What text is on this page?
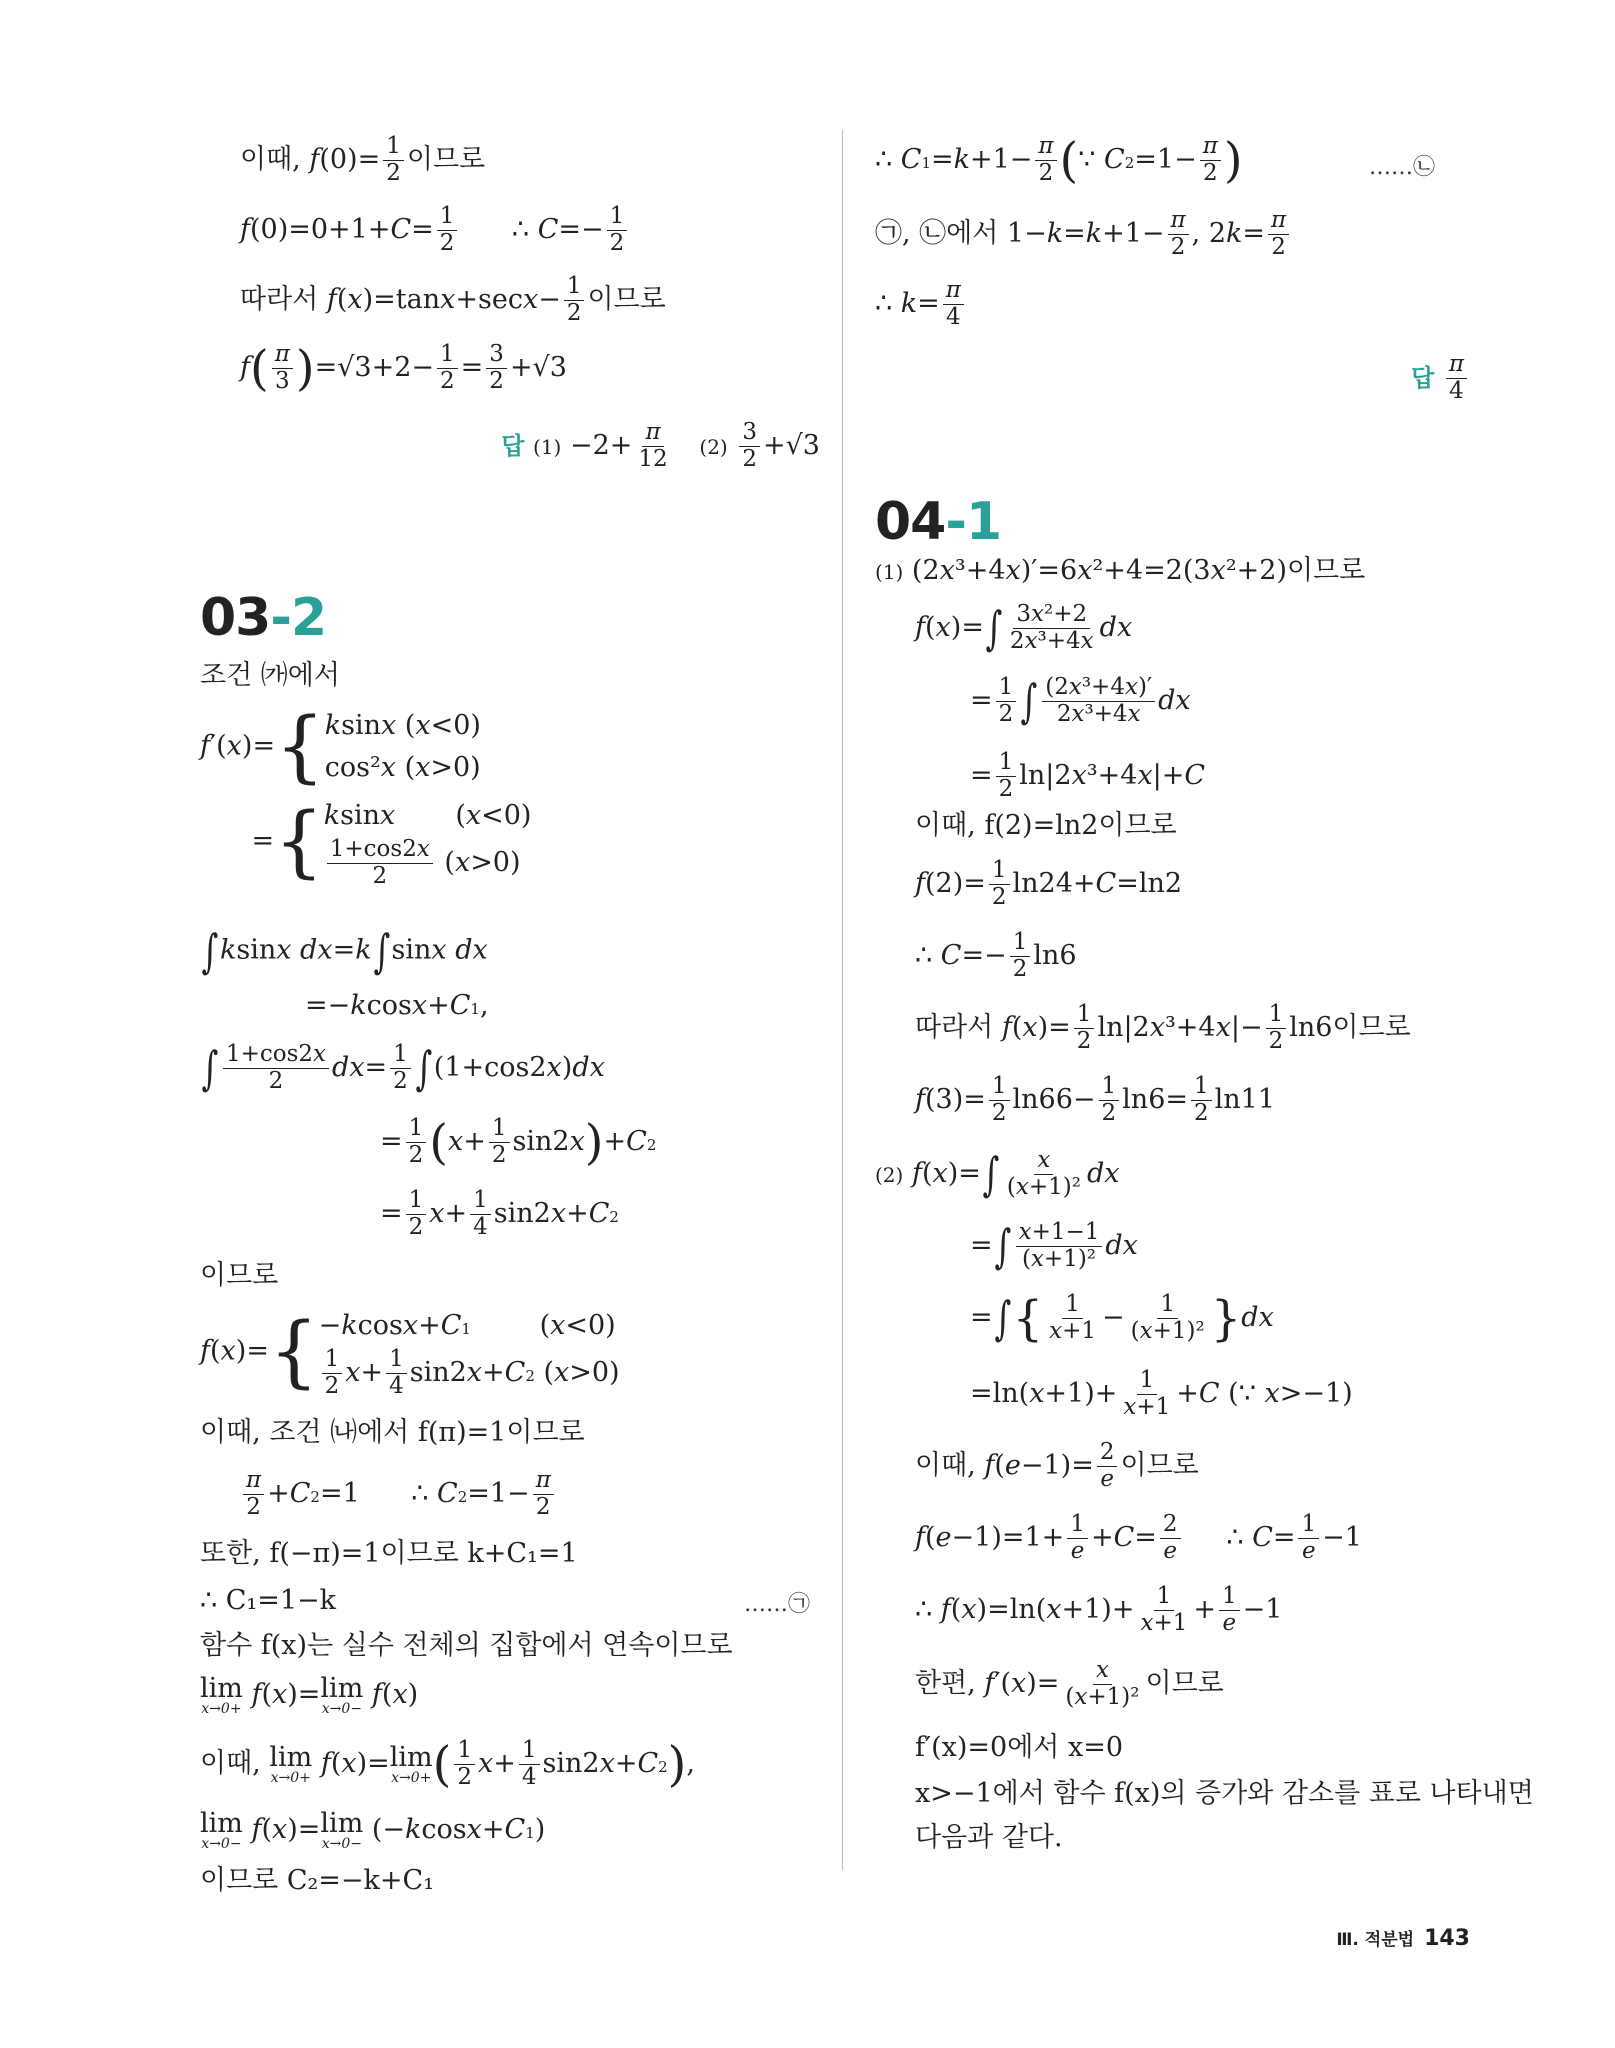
이때, $f(0)= \frac{1}{2}$ 이므로
$f(0)=0+1+C= \frac{1}{2}$ ∴ $C=- \frac{1}{2}$
따라서 $f(x)=\tan x+\sec x- \frac{1}{2}$ 이므로
$f( \frac{\pi}{3} )=√3+2- \frac{1}{2} = \frac{3}{2} +√3$
답 $(1) -2+ \frac{\pi}{12} (2) \frac{3}{2} +√3$
03-2
조건 ㈎에서
f′(x)={ ksinx (x<0)
cos²x (x>0)
={ ksinx       (x<0)
$\frac{1+\cos 2x}{2} (x>0)$
∫ksinx dx=k∫sinx dx
=−kcosx+C1,
∫ $\frac{1+\cos 2x}{2} dx= \frac{1}{2} \int(1+\cos 2x)dx$
= $\frac{1}{2} (x+ \frac{1}{2} \sin 2x)+C2$
= $\frac{1}{2} x+ \frac{1}{4} \sin 2x+C2$
이므로
f(x)={ −kcosx+C1        (x<0)
$\frac{1}{2} x+ \frac{1}{4} \sin 2x+C2$ (x>0)
이때, 조건 ㈏에서 f(π)=1이므로
$\frac{\pi}{2} +C2=1$      ∴ $C2=1- \frac{\pi}{2}$
또한, f(−π)=1이므로 k+C₁=1
∴ C₁=1−k	……㉠
함수 f(x)는 실수 전체의 집합에서 연속이므로
lim
x→0+ f(x)= lim
x→0− f(x)
이때, lim
x→0+ f(x)= lim
x→0+ ( $\frac{1}{2} x+ \frac{1}{4} \sin 2x+C2$),
lim
x→0− f(x)= lim
x→0− (−kcosx+C1)
이므로 C₂=−k+C₁
∴ $C1=k+1- \frac{\pi}{2}$ (∵ $C2=1- \frac{\pi}{2}$ )	……㉡
㉠, ㉡에서 $1-k=k+1- \frac{\pi}{2}$ , $2k= \frac{\pi}{2}$
∴ $k= \frac{\pi}{4}$
답 $\frac{\pi}{4}$
04-1
(1) (2x³+4x)′=6x²+4=2(3x²+2)이므로
$f(x)=\int \frac{\text{3x²+2}}{\text{2x³+4x}}$ dx
= $\frac{1}{2}$ ∫ $\frac{\text{(2x³+4x)′}}{\text{2x³+4x}}$ dx
= $\frac{1}{2} \ln|2x^3+4x|+C$
이때, f(2)=ln2이므로
$f(2)= \frac{1}{2} \ln 24+C=\ln 2$
∴ $C=- \frac{1}{2} \ln 6$
따라서 $f(x)= \frac{1}{2} \ln|2x^3+4x|- \frac{1}{2} \ln 6$이므로
$f(3)= \frac{1}{2} \ln 66- \frac{1}{2} \ln 6= \frac{1}{2} \ln 11$
(2) $f(x)=\int \frac{x}{\text{(x+1)²}}$ dx
=∫ $\frac{x+1-1}{\text{(x+1)²}}$ dx
=∫{ $\frac{1}{x+1} - \frac{1}{\text{(x+1)²}} \}dx$
$=\ln(x+1)+ \frac{1}{x+1} +C$ (∵ x>−1)
이때, $f(e-1)= \frac{2}{e}$ 이므로
$f(e-1)=1+ \frac{1}{e} +C= \frac{2}{e}$ ∴ $C= \frac{1}{e} -1$
∴ $f(x)=\ln(x+1)+ \frac{1}{x+1} + \frac{1}{e} -1$
한편, $f'(x)= \frac{x}{\text{(x+1)²}}$ 이므로
f′(x)=0에서 x=0
x>−1에서 함수 f(x)의 증가와 감소를 표로 나타내면
다음과 같다.
Ⅲ. 적분법 143
